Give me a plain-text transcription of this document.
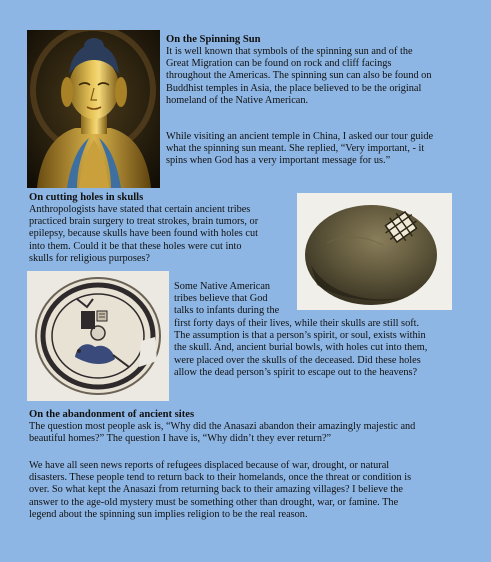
On the Spinning Sun

It is well known that symbols of the spinning sun and of the

Great Migration can be found on rock and cliff facings

throughout the Americas. The spinning sun can also be found on

Buddhist temples in Asia, the place believed to be the original

homeland of the Native American.

While visiting an ancient temple in China, I asked our tour guide

what the spinning sun meant. She replied, “Very important, - it

spins when God has a very important message for us.”

On cutting holes in skulls

Anthropologists have stated that certain ancient tribes

practiced brain surgery to treat strokes, brain tumors, or

epilepsy, because skulls have been found with holes cut

into them. Could it be that these holes were cut into

skulls for religious purposes?

Some Native American

tribes believe that God

talks to infants during the

first forty days of their lives, while their skulls are still soft.

The assumption is that a person’s spirit, or soul, exists within

the skull. And, ancient burial bowls, with holes cut into them,

were placed over the skulls of the deceased. Did these holes

allow the dead person’s spirit to escape out to the heavens?

On the abandonment of ancient sites

The question most people ask is, “Why did the Anasazi abandon their amazingly majestic and

beautiful homes?” The question I have is, “Why didn’t they ever return?”

We have all seen news reports of refugees displaced because of war, drought, or natural

disasters. These people tend to return back to their homelands, once the threat or condition is

over. So what kept the Anasazi from returning back to their amazing villages? I believe the

answer to the age-old mystery must be something other than drought, war, or famine. The

legend about the spinning sun implies religion to be the real reason.
